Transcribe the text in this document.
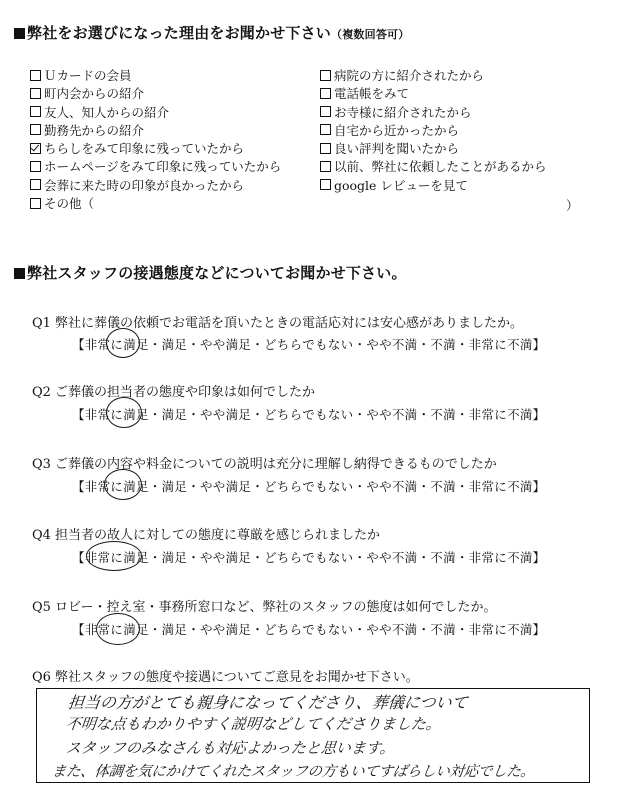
弊社をお選びになった理由をお聞かせ下さい（複数回答可）
Ｕカードの会員
町内会からの紹介
友人、知人からの紹介
勤務先からの紹介
ちらしをみて印象に残っていたから
ホームページをみて印象に残っていたから
会葬に来た時の印象が良かったから
その他（
病院の方に紹介されたから
電話帳をみて
お寺様に紹介されたから
自宅から近かったから
良い評判を聞いたから
以前、弊社に依頼したことがあるから
google レビューを見て
）
弊社スタッフの接遇態度などについてお聞かせ下さい。
Q1 弊社に葬儀の依頼でお電話を頂いたときの電話応対には安心感がありましたか。
【非常に満足・満足・やや満足・どちらでもない・やや不満・不満・非常に不満】
Q2 ご葬儀の担当者の態度や印象は如何でしたか
【非常に満足・満足・やや満足・どちらでもない・やや不満・不満・非常に不満】
Q3 ご葬儀の内容や料金についての説明は充分に理解し納得できるものでしたか
【非常に満足・満足・やや満足・どちらでもない・やや不満・不満・非常に不満】
Q4 担当者の故人に対しての態度に尊厳を感じられましたか
【非常に満足・満足・やや満足・どちらでもない・やや不満・不満・非常に不満】
Q5 ロビー・控え室・事務所窓口など、弊社のスタッフの態度は如何でしたか。
【非常に満足・満足・やや満足・どちらでもない・やや不満・不満・非常に不満】
Q6 弊社スタッフの態度や接遇についてご意見をお聞かせ下さい。
担当の方がとても親身になってくださり、葬儀について
不明な点もわかりやすく説明などしてくださりました。
スタッフのみなさんも対応よかったと思います。
また、体調を気にかけてくれたスタッフの方もいてすばらしい対応でした。
